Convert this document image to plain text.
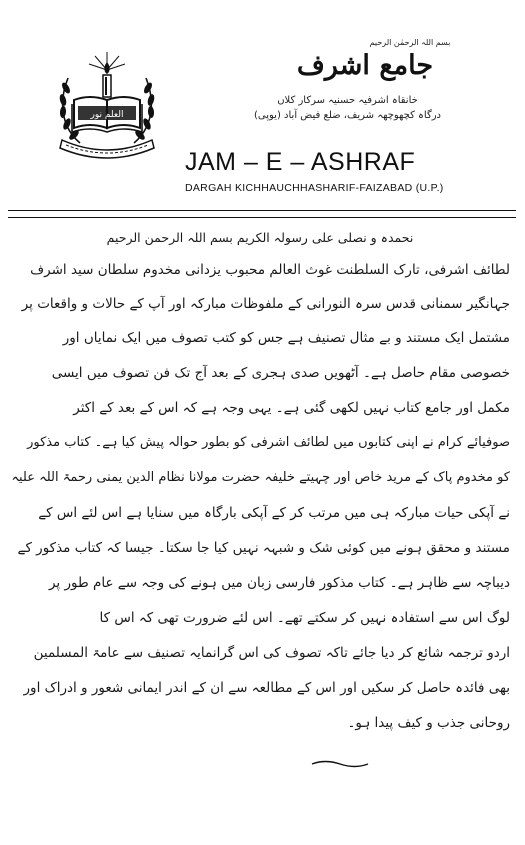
العلم نور
بسم اللہ الرحمٰن الرحیم
جامع اشرف
خانقاہ اشرفیہ حسنیہ سرکار کلاں
درگاہ کچھوچھہ شریف، ضلع فیض آباد (یوپی)
JAM – E – ASHRAF
DARGAH KICHHAUCHHASHARIF-FAIZABAD (U.P.)
نحمدہ و نصلی علی رسولہ الکریم بسم اللہ الرحمن الرحیم
لطائف اشرفی، تارک السلطنت غوث العالم محبوب یزدانی مخدوم سلطان سید اشرف
جہانگیر سمنانی قدس سرہ النورانی کے ملفوظات مبارکہ اور آپ کے حالات و واقعات پر
مشتمل ایک مستند و بے مثال تصنیف ہے جس کو کتب تصوف میں ایک نمایاں اور
خصوصی مقام حاصل ہے۔ آٹھویں صدی ہجری کے بعد آج تک فن تصوف میں ایسی
مکمل اور جامع کتاب نہیں لکھی گئی ہے۔ یہی وجہ ہے کہ اس کے بعد کے اکثر
صوفیائے کرام نے اپنی کتابوں میں لطائف اشرفی کو بطور حوالہ پیش کیا ہے۔ کتاب مذکور
کو مخدوم پاک کے مرید خاص اور چہیتے خلیفہ حضرت مولانا نظام الدین یمنی رحمۃ اللہ علیہ
نے آپکی حیات مبارکہ ہی میں مرتب کر کے آپکی بارگاہ میں سنایا ہے اس لئے اس کے
مستند و محقق ہونے میں کوئی شک و شبہہ نہیں کیا جا سکتا۔ جیسا کہ کتاب مذکور کے
دیباچہ سے ظاہر ہے۔ کتاب مذکور فارسی زبان میں ہونے کی وجہ سے عام طور پر
لوگ اس سے استفادہ نہیں کر سکتے تھے۔ اس لئے ضرورت تھی کہ اس کا
اردو ترجمہ شائع کر دیا جائے تاکہ تصوف کی اس گرانمایہ تصنیف سے عامۃ المسلمین
بھی فائدہ حاصل کر سکیں اور اس کے مطالعہ سے ان کے اندر ایمانی شعور و ادراک اور
روحانی جذب و کیف پیدا ہو۔
